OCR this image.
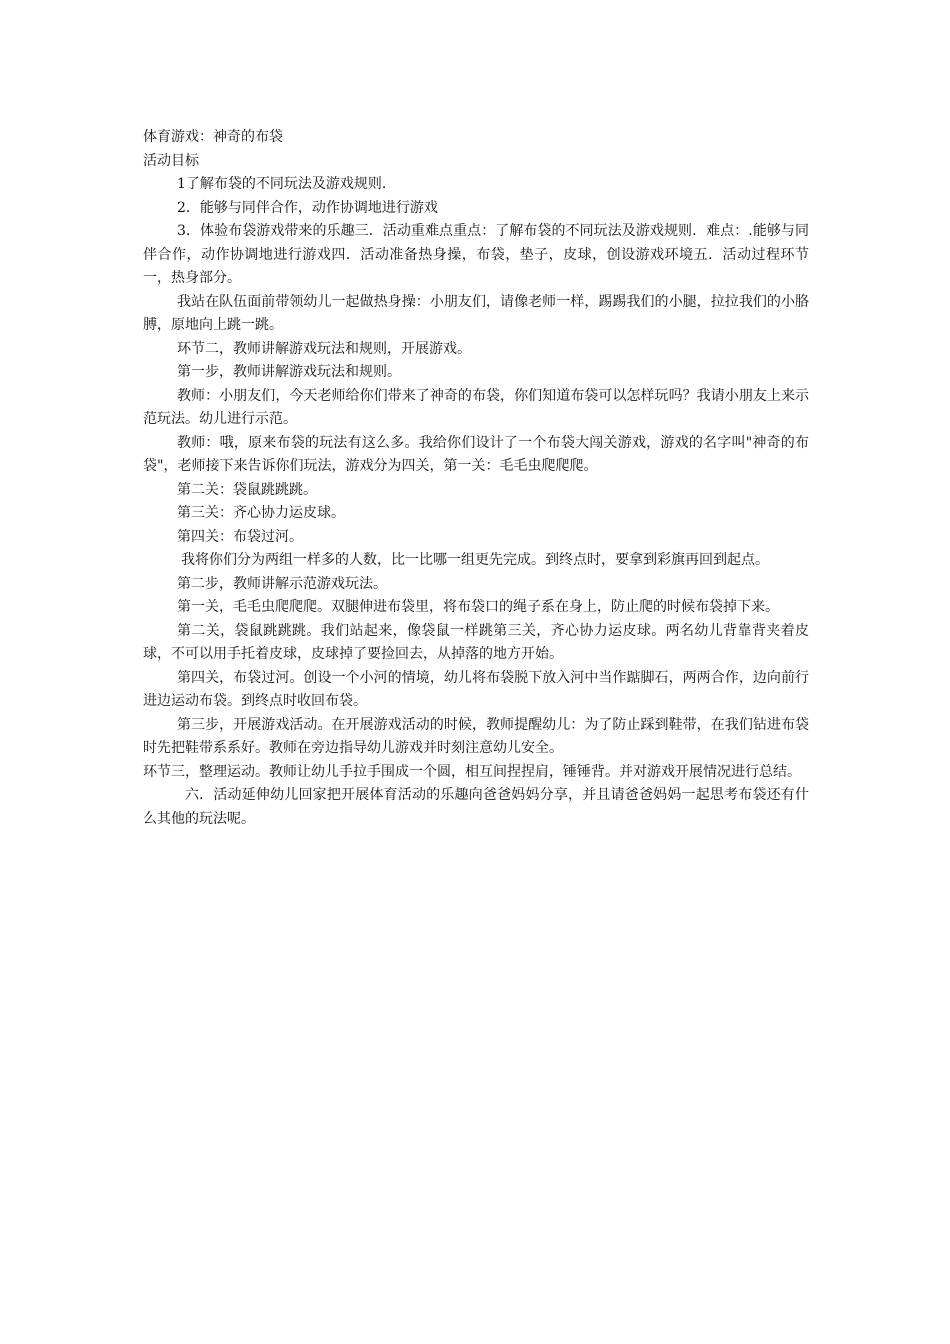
体育游戏：神奇的布袋

活动目标

1了解布袋的不同玩法及游戏规则.

2．能够与同伴合作，动作协调地进行游戏

3．体验布袋游戏带来的乐趣三．活动重难点重点：了解布袋的不同玩法及游戏规则．难点：.能够与同伴合作，动作协调地进行游戏四．活动准备热身操，布袋，垫子，皮球，创设游戏环境五．活动过程环节一，热身部分。

我站在队伍面前带领幼儿一起做热身操：小朋友们，请像老师一样，踢踢我们的小腿，拉拉我们的小胳膊，原地向上跳一跳。

环节二，教师讲解游戏玩法和规则，开展游戏。

第一步，教师讲解游戏玩法和规则。

教师：小朋友们，今天老师给你们带来了神奇的布袋，你们知道布袋可以怎样玩吗？我请小朋友上来示范玩法。幼儿进行示范。

教师：哦，原来布袋的玩法有这么多。我给你们设计了一个布袋大闯关游戏，游戏的名字叫"神奇的布袋"，老师接下来告诉你们玩法，游戏分为四关，第一关：毛毛虫爬爬爬。

第二关：袋鼠跳跳跳。

第三关：齐心协力运皮球。

第四关：布袋过河。

我将你们分为两组一样多的人数，比一比哪一组更先完成。到终点时，要拿到彩旗再回到起点。

第二步，教师讲解示范游戏玩法。

第一关，毛毛虫爬爬爬。双腿伸进布袋里，将布袋口的绳子系在身上，防止爬的时候布袋掉下来。

第二关，袋鼠跳跳跳。我们站起来，像袋鼠一样跳第三关，齐心协力运皮球。两名幼儿背靠背夹着皮球，不可以用手托着皮球，皮球掉了要捡回去，从掉落的地方开始。

第四关，布袋过河。创设一个小河的情境，幼儿将布袋脱下放入河中当作踮脚石，两两合作，边向前行进边运动布袋。到终点时收回布袋。

第三步，开展游戏活动。在开展游戏活动的时候，教师提醒幼儿：为了防止踩到鞋带，在我们钻进布袋时先把鞋带系系好。教师在旁边指导幼儿游戏并时刻注意幼儿安全。

环节三，整理运动。教师让幼儿手拉手围成一个圆，相互间捏捏肩，锤锤背。并对游戏开展情况进行总结。

六．活动延伸幼儿回家把开展体育活动的乐趣向爸爸妈妈分享，并且请爸爸妈妈一起思考布袋还有什么其他的玩法呢。
